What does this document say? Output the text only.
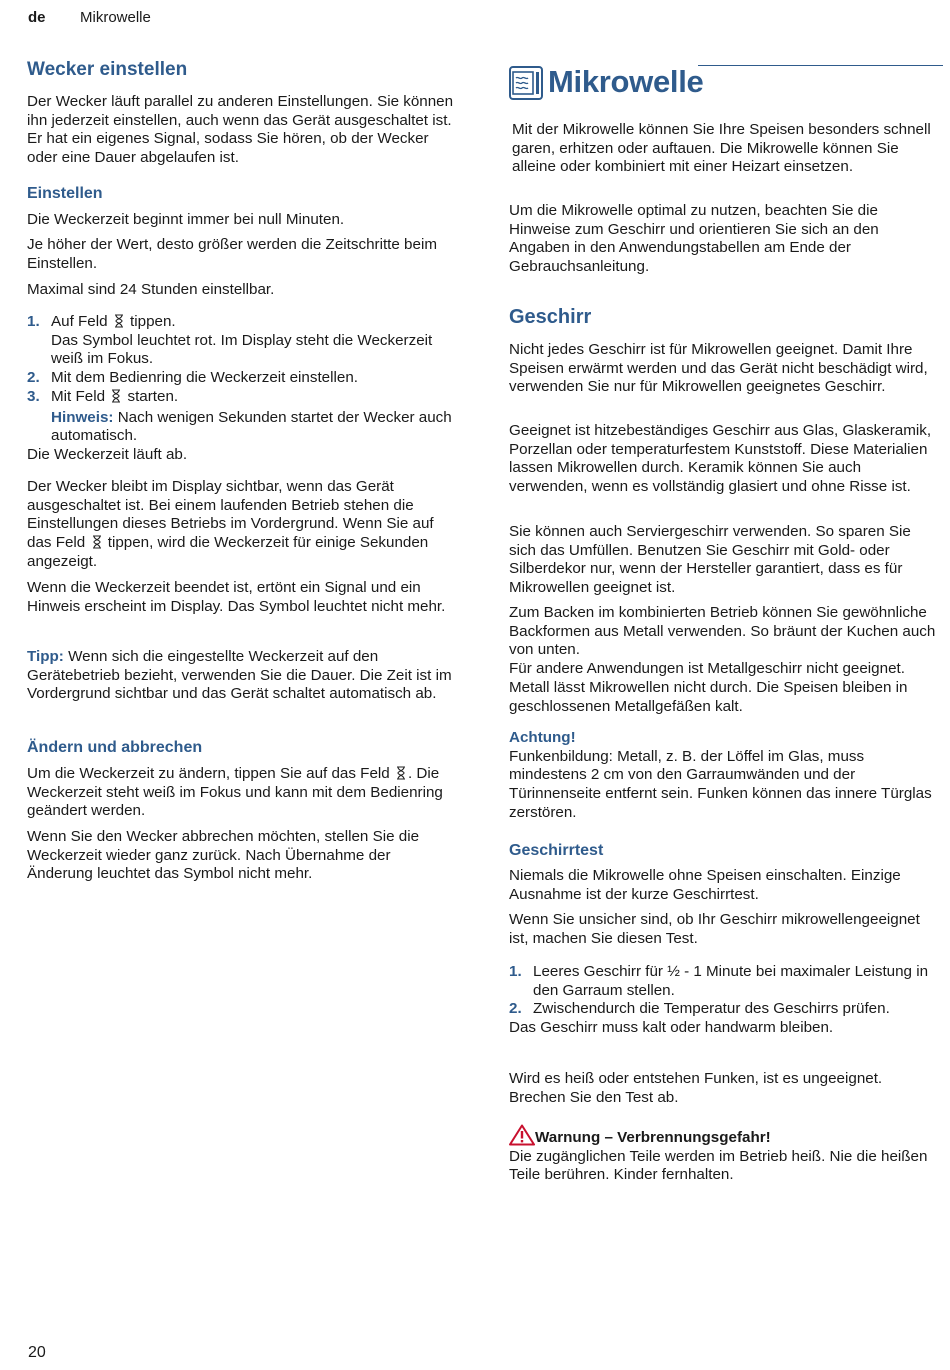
de Mikrowelle
Wecker einstellen

Der Wecker läuft parallel zu anderen Einstellungen. Sie können ihn jederzeit einstellen, auch wenn das Gerät ausgeschaltet ist. Er hat ein eigenes Signal, sodass Sie hören, ob der Wecker oder eine Dauer abgelaufen ist.

Einstellen

Die Weckerzeit beginnt immer bei null Minuten.

Je höher der Wert, desto größer werden die Zeitschritte beim Einstellen.

Maximal sind 24 Stunden einstellbar.

1. Auf Feld tippen.
Das Symbol leuchtet rot. Im Display steht die Weckerzeit weiß im Fokus.
2. Mit dem Bedienring die Weckerzeit einstellen.
3. Mit Feld starten.
Hinweis: Nach wenigen Sekunden startet der Wecker auch automatisch.
Die Weckerzeit läuft ab.

Der Wecker bleibt im Display sichtbar, wenn das Gerät ausgeschaltet ist. Bei einem laufenden Betrieb stehen die Einstellungen dieses Betriebs im Vordergrund. Wenn Sie auf das Feld tippen, wird die Weckerzeit für einige Sekunden angezeigt.

Wenn die Weckerzeit beendet ist, ertönt ein Signal und ein Hinweis erscheint im Display. Das Symbol leuchtet nicht mehr.

Tipp: Wenn sich die eingestellte Weckerzeit auf den Gerätebetrieb bezieht, verwenden Sie die Dauer. Die Zeit ist im Vordergrund sichtbar und das Gerät schaltet automatisch ab.

Ändern und abbrechen

Um die Weckerzeit zu ändern, tippen Sie auf das Feld . Die Weckerzeit steht weiß im Fokus und kann mit dem Bedienring geändert werden.

Wenn Sie den Wecker abbrechen möchten, stellen Sie die Weckerzeit wieder ganz zurück. Nach Übernahme der Änderung leuchtet das Symbol nicht mehr.

Mikrowelle

Mit der Mikrowelle können Sie Ihre Speisen besonders schnell garen, erhitzen oder auftauen. Die Mikrowelle können Sie alleine oder kombiniert mit einer Heizart einsetzen.

Um die Mikrowelle optimal zu nutzen, beachten Sie die Hinweise zum Geschirr und orientieren Sie sich an den Angaben in den Anwendungstabellen am Ende der Gebrauchsanleitung.

Geschirr

Nicht jedes Geschirr ist für Mikrowellen geeignet. Damit Ihre Speisen erwärmt werden und das Gerät nicht beschädigt wird, verwenden Sie nur für Mikrowellen geeignetes Geschirr.

Geeignet ist hitzebeständiges Geschirr aus Glas, Glaskeramik, Porzellan oder temperaturfestem Kunststoff. Diese Materialien lassen Mikrowellen durch. Keramik können Sie auch verwenden, wenn es vollständig glasiert und ohne Risse ist.

Sie können auch Serviergeschirr verwenden. So sparen Sie sich das Umfüllen. Benutzen Sie Geschirr mit Gold- oder Silberdekor nur, wenn der Hersteller garantiert, dass es für Mikrowellen geeignet ist.

Zum Backen im kombinierten Betrieb können Sie gewöhnliche Backformen aus Metall verwenden. So bräunt der Kuchen auch von unten.

Für andere Anwendungen ist Metallgeschirr nicht geeignet. Metall lässt Mikrowellen nicht durch. Die Speisen bleiben in geschlossenen Metallgefäßen kalt.

Achtung!

Funkenbildung: Metall, z. B. der Löffel im Glas, muss mindestens 2 cm von den Garraumwänden und der Türinnenseite entfernt sein. Funken können das innere Türglas zerstören.

Geschirrtest

Niemals die Mikrowelle ohne Speisen einschalten. Einzige Ausnahme ist der kurze Geschirrtest.

Wenn Sie unsicher sind, ob Ihr Geschirr mikrowellengeeignet ist, machen Sie diesen Test.

1. Leeres Geschirr für ½ - 1 Minute bei maximaler Leistung in den Garraum stellen.
2. Zwischendurch die Temperatur des Geschirrs prüfen.
Das Geschirr muss kalt oder handwarm bleiben.

Wird es heiß oder entstehen Funken, ist es ungeeignet. Brechen Sie den Test ab.

Warnung – Verbrennungsgefahr!

Die zugänglichen Teile werden im Betrieb heiß. Nie die heißen Teile berühren. Kinder fernhalten.

20
